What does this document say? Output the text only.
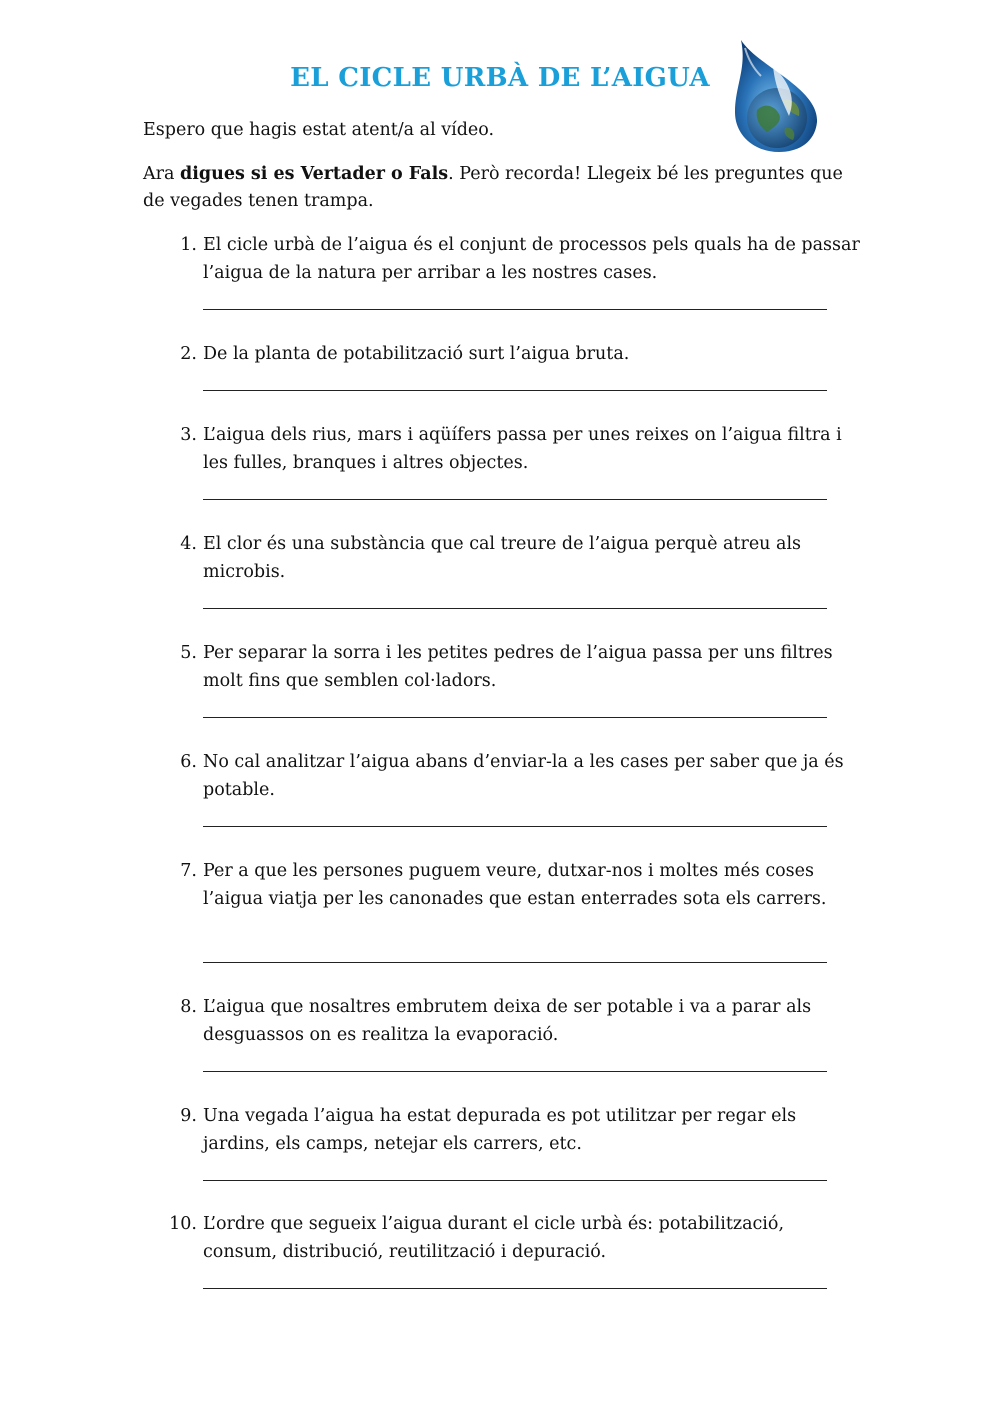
EL CICLE URBÀ DE L’AIGUA

Espero que hagis estat atent/a al vídeo.

Ara digues si es Vertader o Fals. Però recorda! Llegeix bé les preguntes que de vegades tenen trampa.

1. El cicle urbà de l’aigua és el conjunt de processos pels quals ha de passar l’aigua de la natura per arribar a les nostres cases.
2. De la planta de potabilització surt l’aigua bruta.
3. L’aigua dels rius, mars i aqüífers passa per unes reixes on l’aigua filtra i les fulles, branques i altres objectes.
4. El clor és una substància que cal treure de l’aigua perquè atreu als microbis.
5. Per separar la sorra i les petites pedres de l’aigua passa per uns filtres molt fins que semblen col·ladors.
6. No cal analitzar l’aigua abans d’enviar-la a les cases per saber que ja és potable.
7. Per a que les persones puguem veure, dutxar-nos i moltes més coses l’aigua viatja per les canonades que estan enterrades sota els carrers.
8. L’aigua que nosaltres embrutem deixa de ser potable i va a parar als desguassos on es realitza la evaporació.
9. Una vegada l’aigua ha estat depurada es pot utilitzar per regar els jardins, els camps, netejar els carrers, etc.
10. L’ordre que segueix l’aigua durant el cicle urbà és: potabilització, consum, distribució, reutilització i depuració.
